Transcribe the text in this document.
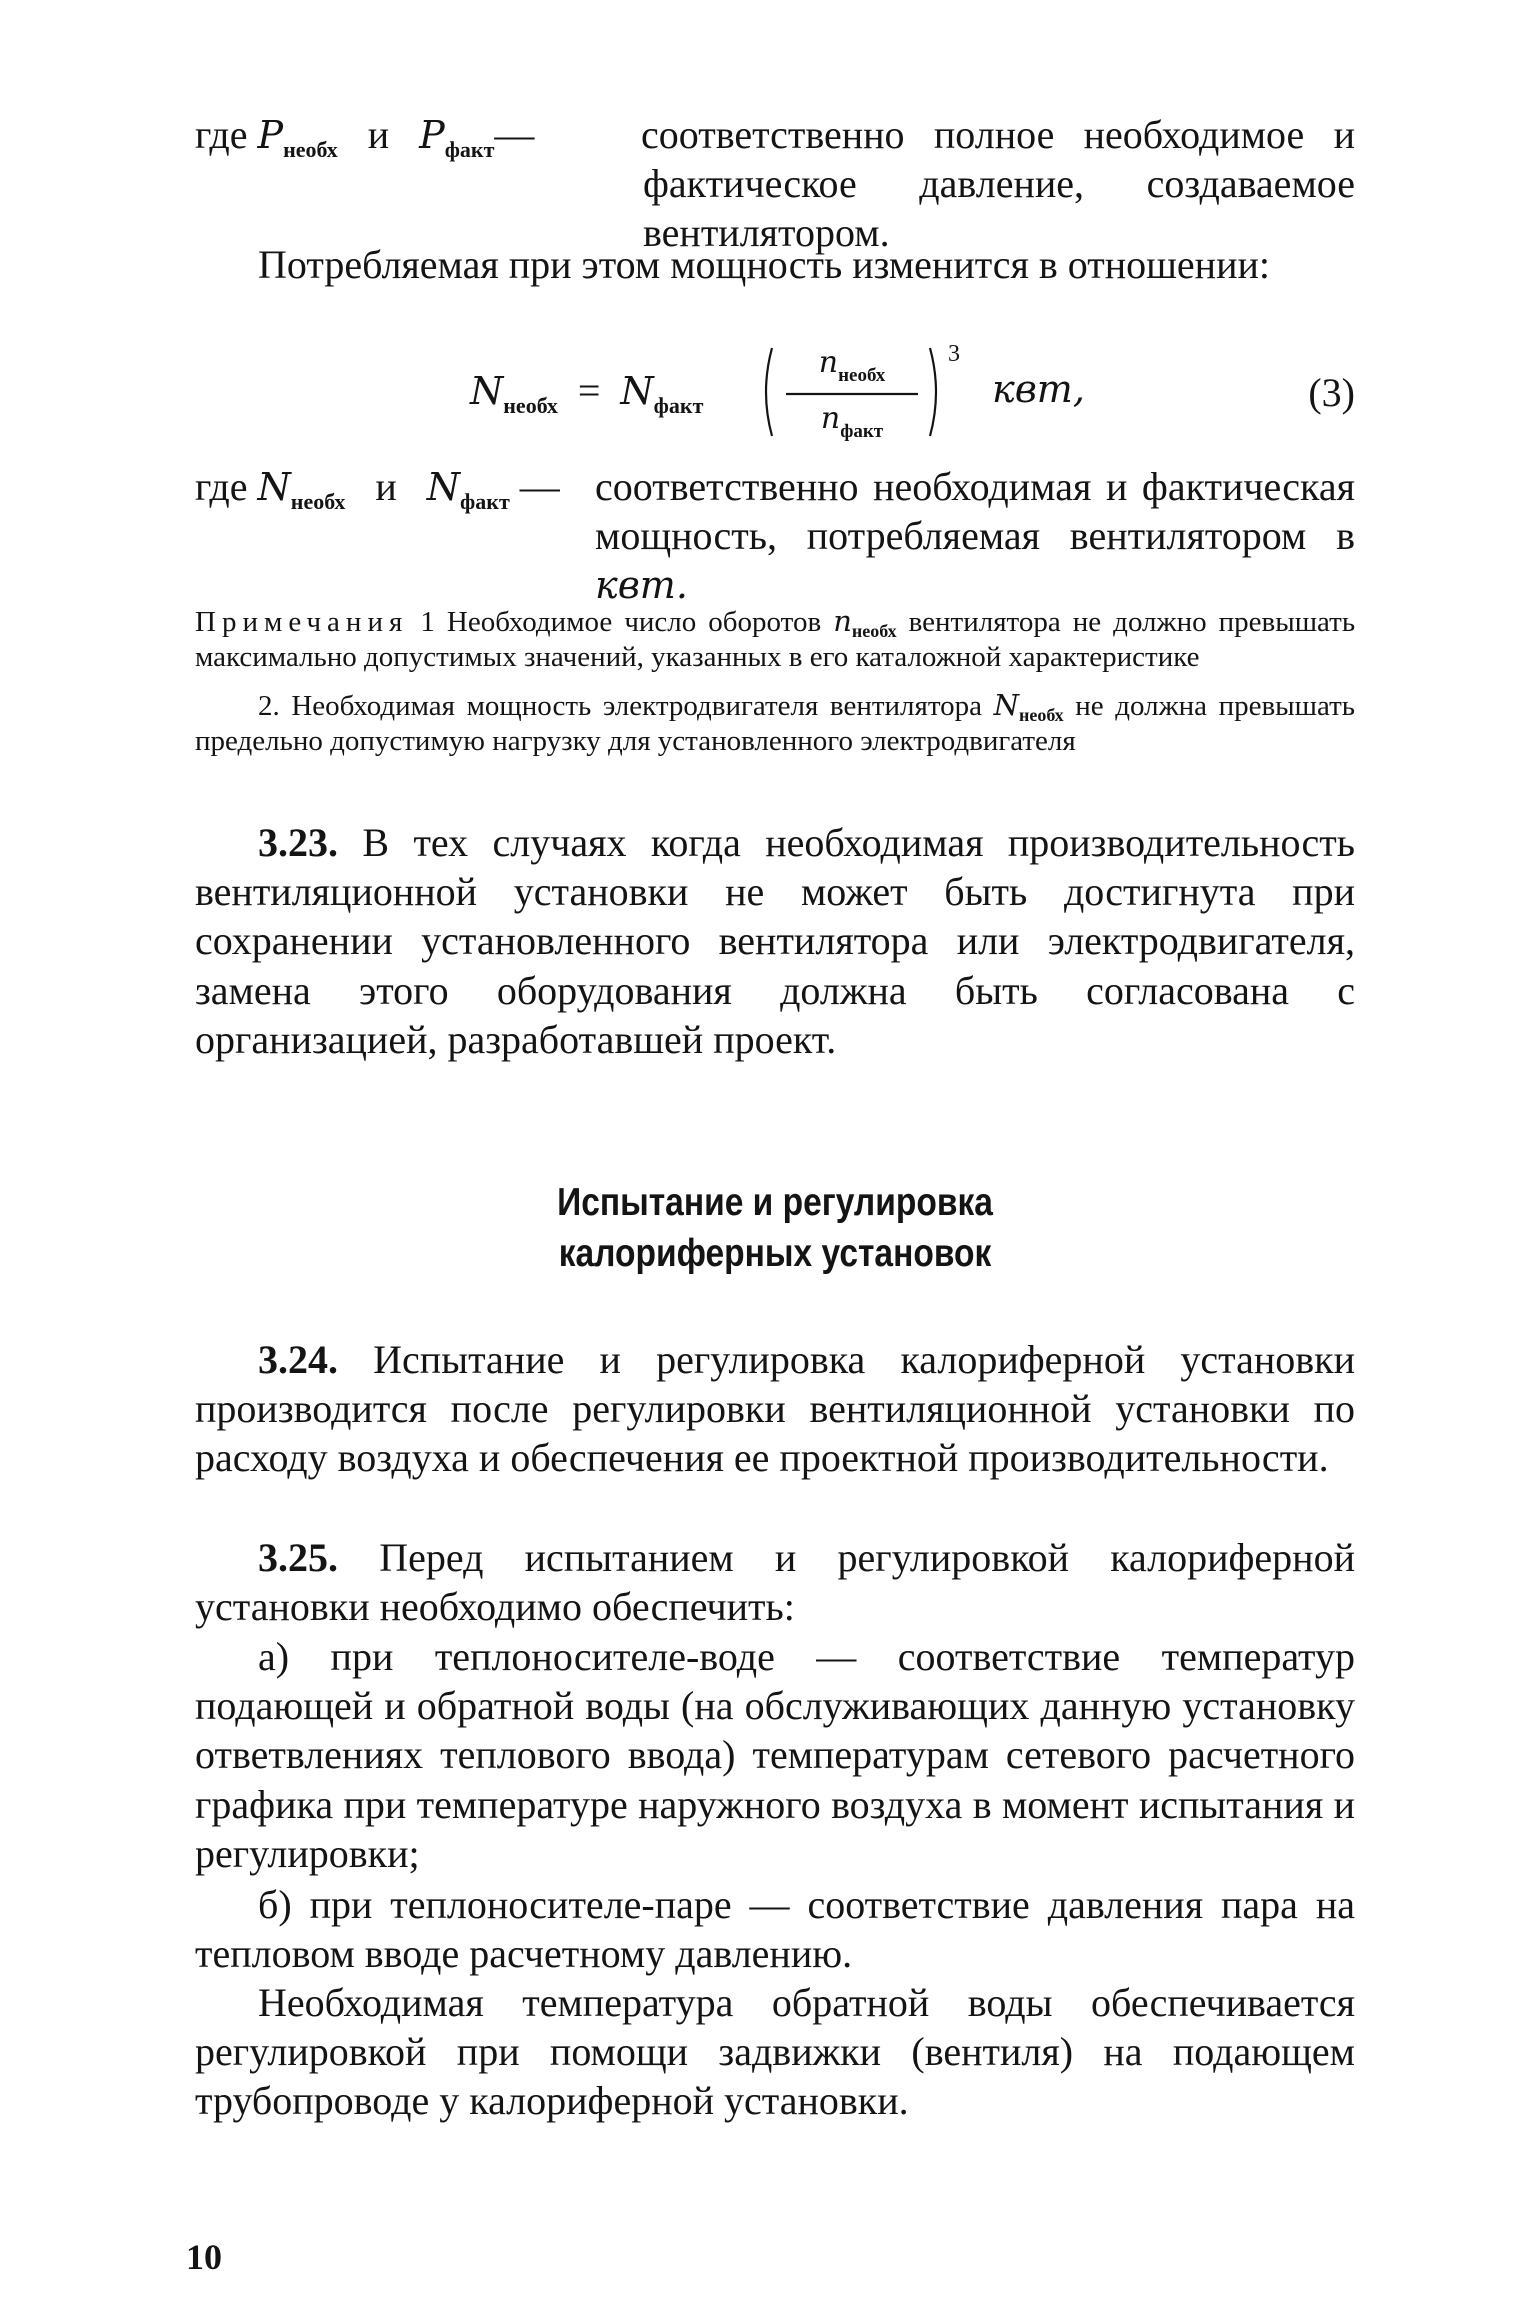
где $P_{необх}$ и $P_{факт}—$	соответственно полное необходимое и фактическое давление, создаваемое вентилятором.
Потребляемая при этом мощность изменится в отношении:
$N_{необх} = N_{факт}$
$n_{необх}$
$n_{факт}$
3
квт,	(3)
где $N_{необх}$ и $N_{факт}$ — соответственно необходимая и фактическая мощность, потребляемая вентилятором в квт.
Примечания 1 Необходимое число оборотов $n_{необх}$ вентилятора не должно превышать максимально допустимых значений, указанных в его каталожной характеристике
2. Необходимая мощность электродвигателя вентилятора $N_{необх}$ не должна превышать предельно допустимую нагрузку для установленного электродвигателя
3.23. В тех случаях когда необходимая производительность вентиляционной установки не может быть достигнута при сохранении установленного вентилятора или электродвигателя, замена этого оборудования должна быть согласована с организацией, разработавшей проект.
Испытание и регулировка
калориферных установок
3.24. Испытание и регулировка калориферной установки производится после регулировки вентиляционной установки по расходу воздуха и обеспечения ее проектной производительности.
3.25. Перед испытанием и регулировкой калориферной установки необходимо обеспечить:
а) при теплоносителе-воде — соответствие температур подающей и обратной воды (на обслуживающих данную установку ответвлениях теплового ввода) температурам сетевого расчетного графика при температуре наружного воздуха в момент испытания и регулировки;
б) при теплоносителе-паре — соответствие давления пара на тепловом вводе расчетному давлению.
Необходимая температура обратной воды обеспечивается регулировкой при помощи задвижки (вентиля) на подающем трубопроводе у калориферной установки.
10
